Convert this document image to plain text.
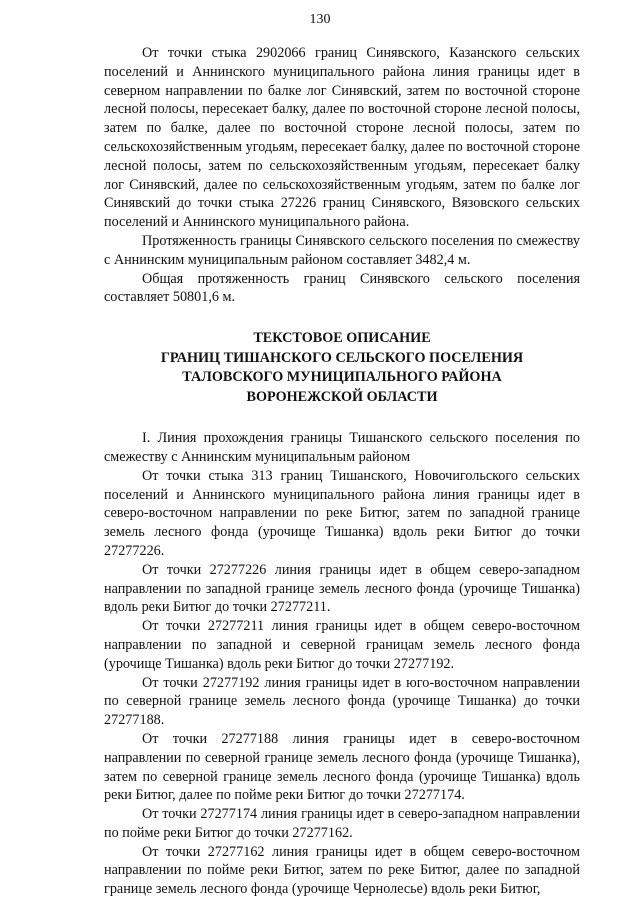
130

От точки стыка 2902066 границ Синявского, Казанского сельских поселений и Аннинского муниципального района линия границы идет в северном направлении по балке лог Синявский, затем по восточной стороне лесной полосы, пересекает балку, далее по восточной стороне лесной полосы, затем по балке, далее по восточной стороне лесной полосы, затем по сельскохозяйственным угодьям, пересекает балку, далее по восточной стороне лесной полосы, затем по сельскохозяйственным угодьям, пересекает балку лог Синявский, далее по сельскохозяйственным угодьям, затем по балке лог Синявский до точки стыка 27226 границ Синявского, Вязовского сельских поселений и Аннинского муниципального района.

Протяженность границы Синявского сельского поселения по смежеству с Аннинским муниципальным районом составляет 3482,4 м.

Общая протяженность границ Синявского сельского поселения составляет 50801,6 м.

ТЕКСТОВОЕ ОПИСАНИЕ
ГРАНИЦ ТИШАНСКОГО СЕЛЬСКОГО ПОСЕЛЕНИЯ
ТАЛОВСКОГО МУНИЦИПАЛЬНОГО РАЙОНА
ВОРОНЕЖСКОЙ ОБЛАСТИ

I. Линия прохождения границы Тишанского сельского поселения по смежеству с Аннинским муниципальным районом

От точки стыка 313 границ Тишанского, Новочигольского сельских поселений и Аннинского муниципального района линия границы идет в северо-восточном направлении по реке Битюг, затем по западной границе земель лесного фонда (урочище Тишанка) вдоль реки Битюг до точки 27277226.

От точки 27277226 линия границы идет в общем северо-западном направлении по западной границе земель лесного фонда (урочище Тишанка) вдоль реки Битюг до точки 27277211.

От точки 27277211 линия границы идет в общем северо-восточном направлении по западной и северной границам земель лесного фонда (урочище Тишанка) вдоль реки Битюг до точки 27277192.

От точки 27277192 линия границы идет в юго-восточном направлении по северной границе земель лесного фонда (урочище Тишанка) до точки 27277188.

От точки 27277188 линия границы идет в северо-восточном направлении по северной границе земель лесного фонда (урочище Тишанка), затем по северной границе земель лесного фонда (урочище Тишанка) вдоль реки Битюг, далее по пойме реки Битюг до точки 27277174.

От точки 27277174 линия границы идет в северо-западном направлении по пойме реки Битюг до точки 27277162.

От точки 27277162 линия границы идет в общем северо-восточном направлении по пойме реки Битюг, затем по реке Битюг, далее по западной границе земель лесного фонда (урочище Чернолесье) вдоль реки Битюг,
